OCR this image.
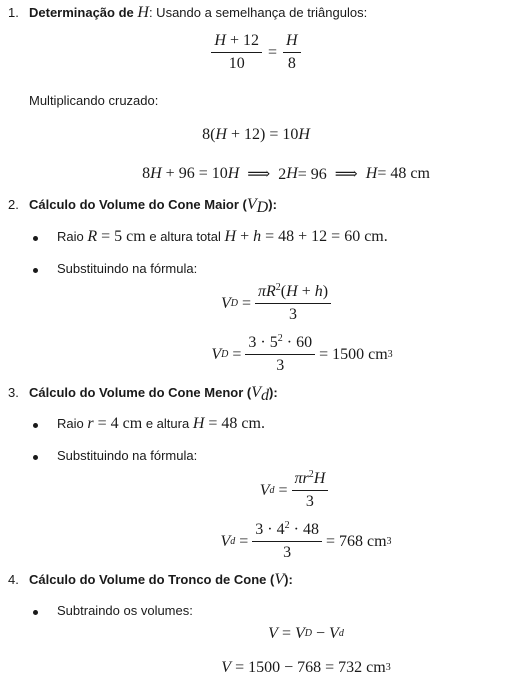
1. Determinação de H: Usando a semelhança de triângulos:
$\frac{H + 12}{10} = \frac{H}{8}$
Multiplicando cruzado:
8( H + 12) = 10 H
8 H + 96 = 10 H ⟹  2 H = 96  ⟹ H = 48 cm
2. Cálculo do Volume do Cone Maior $(V_D)$:
Raio R = 5 cm e altura total H + h = 48 + 12 = 60 cm.
Substituindo na fórmula:
V $D = \frac{\pi R^2(H + h)}{3}$
V $D = \frac{3 \cdot 5^2 \cdot 60}{3} = 1500$ cm 3
3. Cálculo do Volume do Cone Menor $(V_d)$:
Raio r = 4 cm e altura H = 48 cm.
Substituindo na fórmula:
V $d = \frac{\pi r^2H}{3}$
V $d = \frac{3 \cdot 4^2 \cdot 48}{3} = 768$ cm 3
4. Cálculo do Volume do Tronco de Cone (V):
Subtraindo os volumes:
V = V D − V d
V = 1500 − 768 = 732 cm 3
